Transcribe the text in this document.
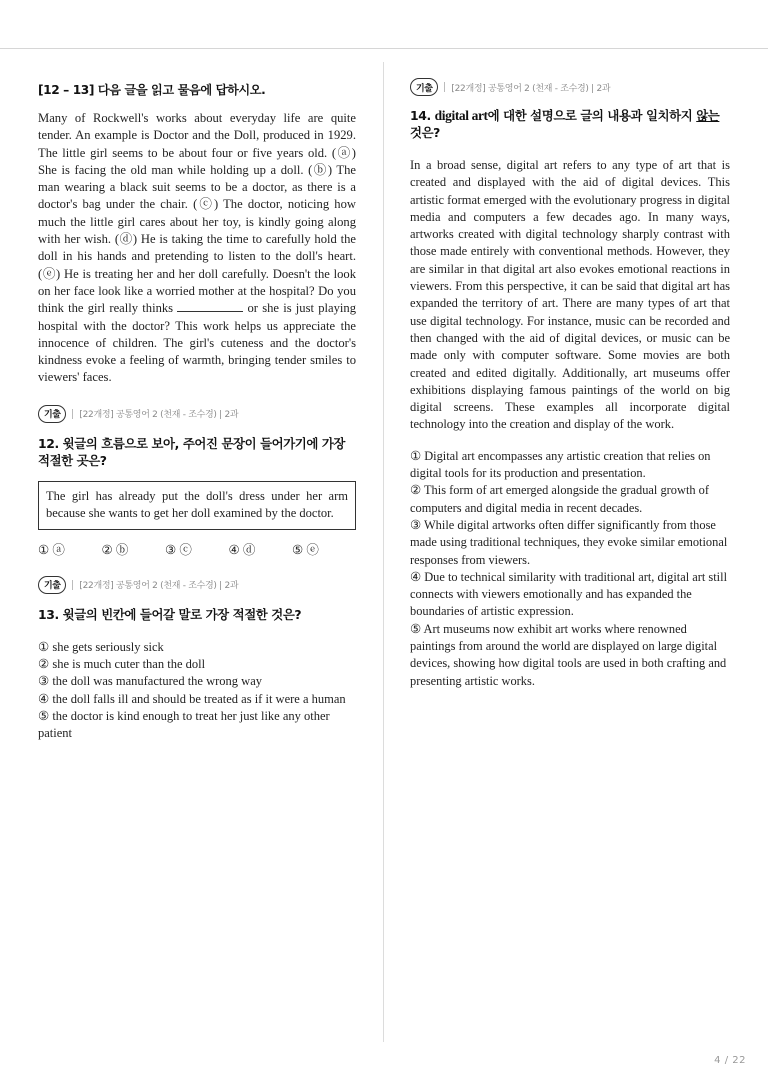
[12 – 13] 다음 글을 읽고 물음에 답하시오.

Many of Rockwell's works about everyday life are quite tender. An example is Doctor and the Doll, produced in 1929. The little girl seems to be about four or five years old. (ⓐ) She is facing the old man while holding up a doll. (ⓑ) The man wearing a black suit seems to be a doctor, as there is a doctor's bag under the chair. (ⓒ) The doctor, noticing how much the little girl cares about her toy, is kindly going along with her wish. (ⓓ) He is taking the time to carefully hold the doll in his hands and pretending to listen to the doll's heart. (ⓔ) He is treating her and her doll carefully. Doesn't the look on her face look like a worried mother at the hospital? Do you think the girl really thinks	or she is just playing hospital with the doctor? This work helps us appreciate the innocence of children. The girl's cuteness and the doctor's kindness evoke a feeling of warmth, bringing tender smiles to viewers' faces.

기출	[22개정] 공통영어 2 (천재 - 조수경) | 2과
12. 윗글의 흐름으로 보아, 주어진 문장이 들어가기에 가장 적절한 곳은?
The girl has already put the doll's dress under her arm because she wants to get her doll examined by the doctor.
① ⓐ	② ⓑ	③ ⓒ	④ ⓓ	⑤ ⓔ
기출	[22개정] 공통영어 2 (천재 - 조수경) | 2과
13. 윗글의 빈칸에 들어갈 말로 가장 적절한 것은?
① she gets seriously sick
② she is much cuter than the doll
③ the doll was manufactured the wrong way
④ the doll falls ill and should be treated as if it were a human
⑤ the doctor is kind enough to treat her just like any other patient
기출	[22개정] 공통영어 2 (천재 - 조수경) | 2과
14. digital art에 대한 설명으로 글의 내용과 일치하지 않는 것은?

In a broad sense, digital art refers to any type of art that is created and displayed with the aid of digital devices. This artistic format emerged with the evolutionary progress in digital media and computers a few decades ago. In many ways, artworks created with digital technology sharply contrast with those made entirely with conventional methods. However, they are similar in that digital art also evokes emotional reactions in viewers. From this perspective, it can be said that digital art has expanded the territory of art. There are many types of art that use digital technology. For instance, music can be recorded and then changed with the aid of digital devices, or music can be made only with computer software. Some movies are both created and edited digitally. Additionally, art museums offer exhibitions displaying famous paintings of the world on big digital screens. These examples all incorporate digital technology into the creation and display of the work.

① Digital art encompasses any artistic creation that relies on digital tools for its production and presentation.
② This form of art emerged alongside the gradual growth of computers and digital media in recent decades.
③ While digital artworks often differ significantly from those made using traditional techniques, they evoke similar emotional responses from viewers.
④ Due to technical similarity with traditional art, digital art still connects with viewers emotionally and has expanded the boundaries of artistic expression.
⑤ Art museums now exhibit art works where renowned paintings from around the world are displayed on large digital devices, showing how digital tools are used in both crafting and presenting artistic works.
4 / 22
